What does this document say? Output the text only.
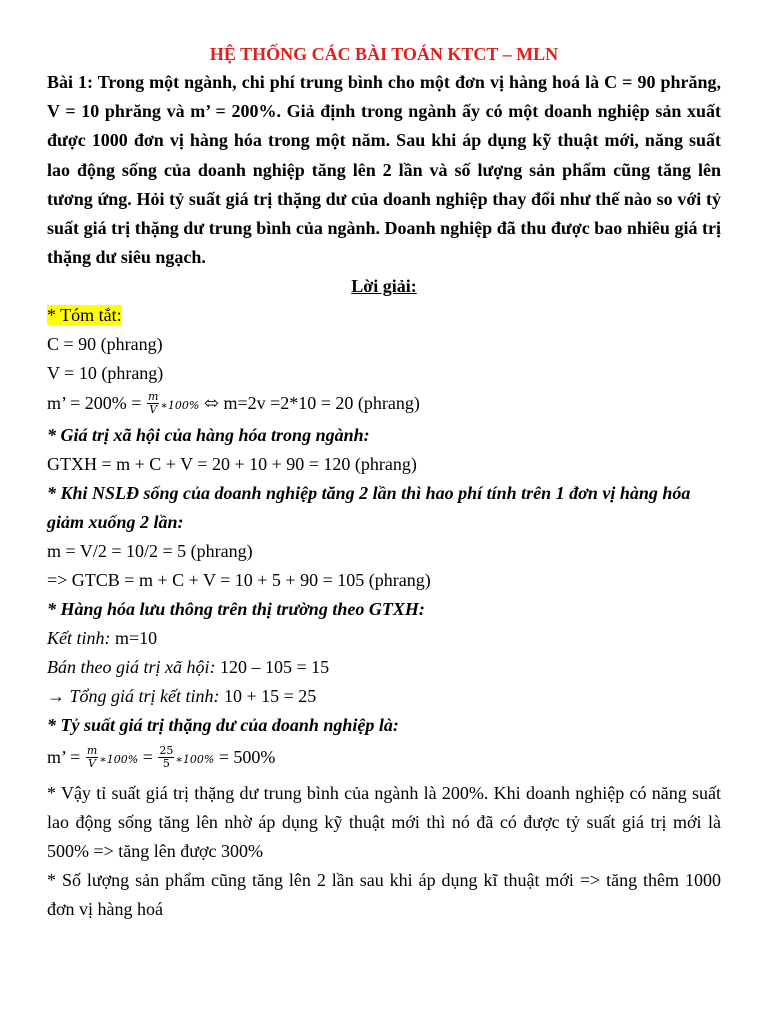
HỆ THỐNG CÁC BÀI TOÁN KTCT – MLN

Bài 1: Trong một ngành, chi phí trung bình cho một đơn vị hàng hoá là C = 90 phrăng, V = 10 phrăng và m’ = 200%. Giả định trong ngành ấy có một doanh nghiệp sản xuất được 1000 đơn vị hàng hóa trong một năm. Sau khi áp dụng kỹ thuật mới, năng suất lao động sống của doanh nghiệp tăng lên 2 lần và số lượng sản phẩm cũng tăng lên tương ứng. Hỏi tỷ suất giá trị thặng dư của doanh nghiệp thay đổi như thế nào so với tỷ suất giá trị thặng dư trung bình của ngành. Doanh nghiệp đã thu được bao nhiêu giá trị thặng dư siêu ngạch.

Lời giải:

* Tóm tắt:

C = 90 (phrang)

V = 10 (phrang)

m’ = $200\% = \frac{m}{V}$ ∗100% ⬄ m=2v =2*10 = 20 (phrang)

* Giá trị xã hội của hàng hóa trong ngành:

GTXH = m + C + V = 20 + 10 + 90 = 120 (phrang)

* Khi NSLĐ sống của doanh nghiệp tăng 2 lần thì hao phí tính trên 1 đơn vị hàng hóa giảm xuống 2 lần:

m = V/2 = 10/2 = 5 (phrang)

=> GTCB = m + C + V = 10 + 5 + 90 = 105 (phrang)

* Hàng hóa lưu thông trên thị trường theo GTXH:

Kết tinh: m=10

Bán theo giá trị xã hội: 120 – 105 = 15

→ Tổng giá trị kết tinh: 10 + 15 = 25

* Tỷ suất giá trị thặng dư của doanh nghiệp là:

m’ = $\frac{m}{V}$ ∗100% = $\frac{25}{5}$ ∗100% = 500%

* Vậy tỉ suất giá trị thặng dư trung bình của ngành là 200%. Khi doanh nghiệp có năng suất lao động sống tăng lên nhờ áp dụng kỹ thuật mới thì nó đã có được tỷ suất giá trị mới là 500% => tăng lên được 300%

* Số lượng sản phẩm cũng tăng lên 2 lần sau khi áp dụng kĩ thuật mới => tăng thêm 1000 đơn vị hàng hoá
